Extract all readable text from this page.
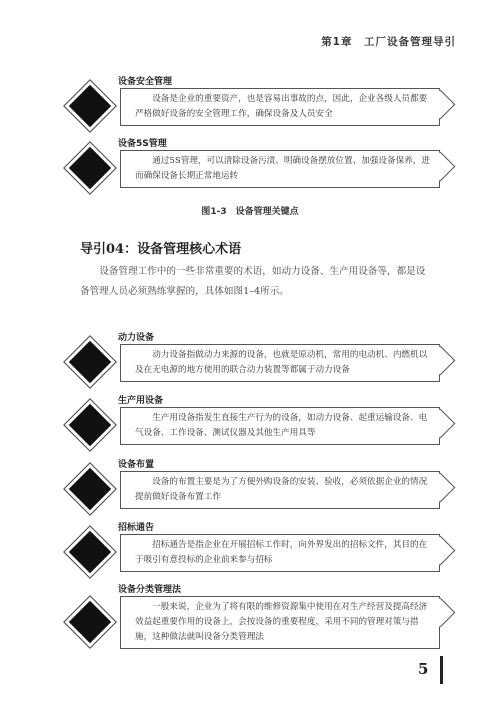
第1章　工厂设备管理导引
设备安全管理
设备是企业的重要资产，也是容易出事故的点，因此，企业各级人员都要严格做好设备的安全管理工作，确保设备及人员安全
设备5S管理
通过5S管理，可以清除设备污渍、明确设备摆放位置、加强设备保养，进而确保设备长期正常地运转
图1-3　设备管理关键点
导引04：设备管理核心术语
设备管理工作中的一些非常重要的术语，如动力设备、生产用设备等，都是设备管理人员必须熟练掌握的，具体如图1–4所示。
动力设备
动力设备指做动力来源的设备，也就是原动机，常用的电动机、内燃机以及在无电源的地方使用的联合动力装置等都属于动力设备
生产用设备
生产用设备指发生直接生产行为的设备，如动力设备、起重运输设备、电气设备、工作设备、测试仪器及其他生产用具等
设备布置
设备的布置主要是为了方便外购设备的安装、验收，必须依据企业的情况提前做好设备布置工作
招标通告
招标通告是指企业在开展招标工作时，向外界发出的招标文件，其目的在于吸引有意投标的企业前来参与招标
设备分类管理法
一般来说，企业为了将有限的维修资源集中使用在对生产经营及提高经济效益起重要作用的设备上，会按设备的重要程度，采用不同的管理对策与措施，这种做法就叫设备分类管理法
5
